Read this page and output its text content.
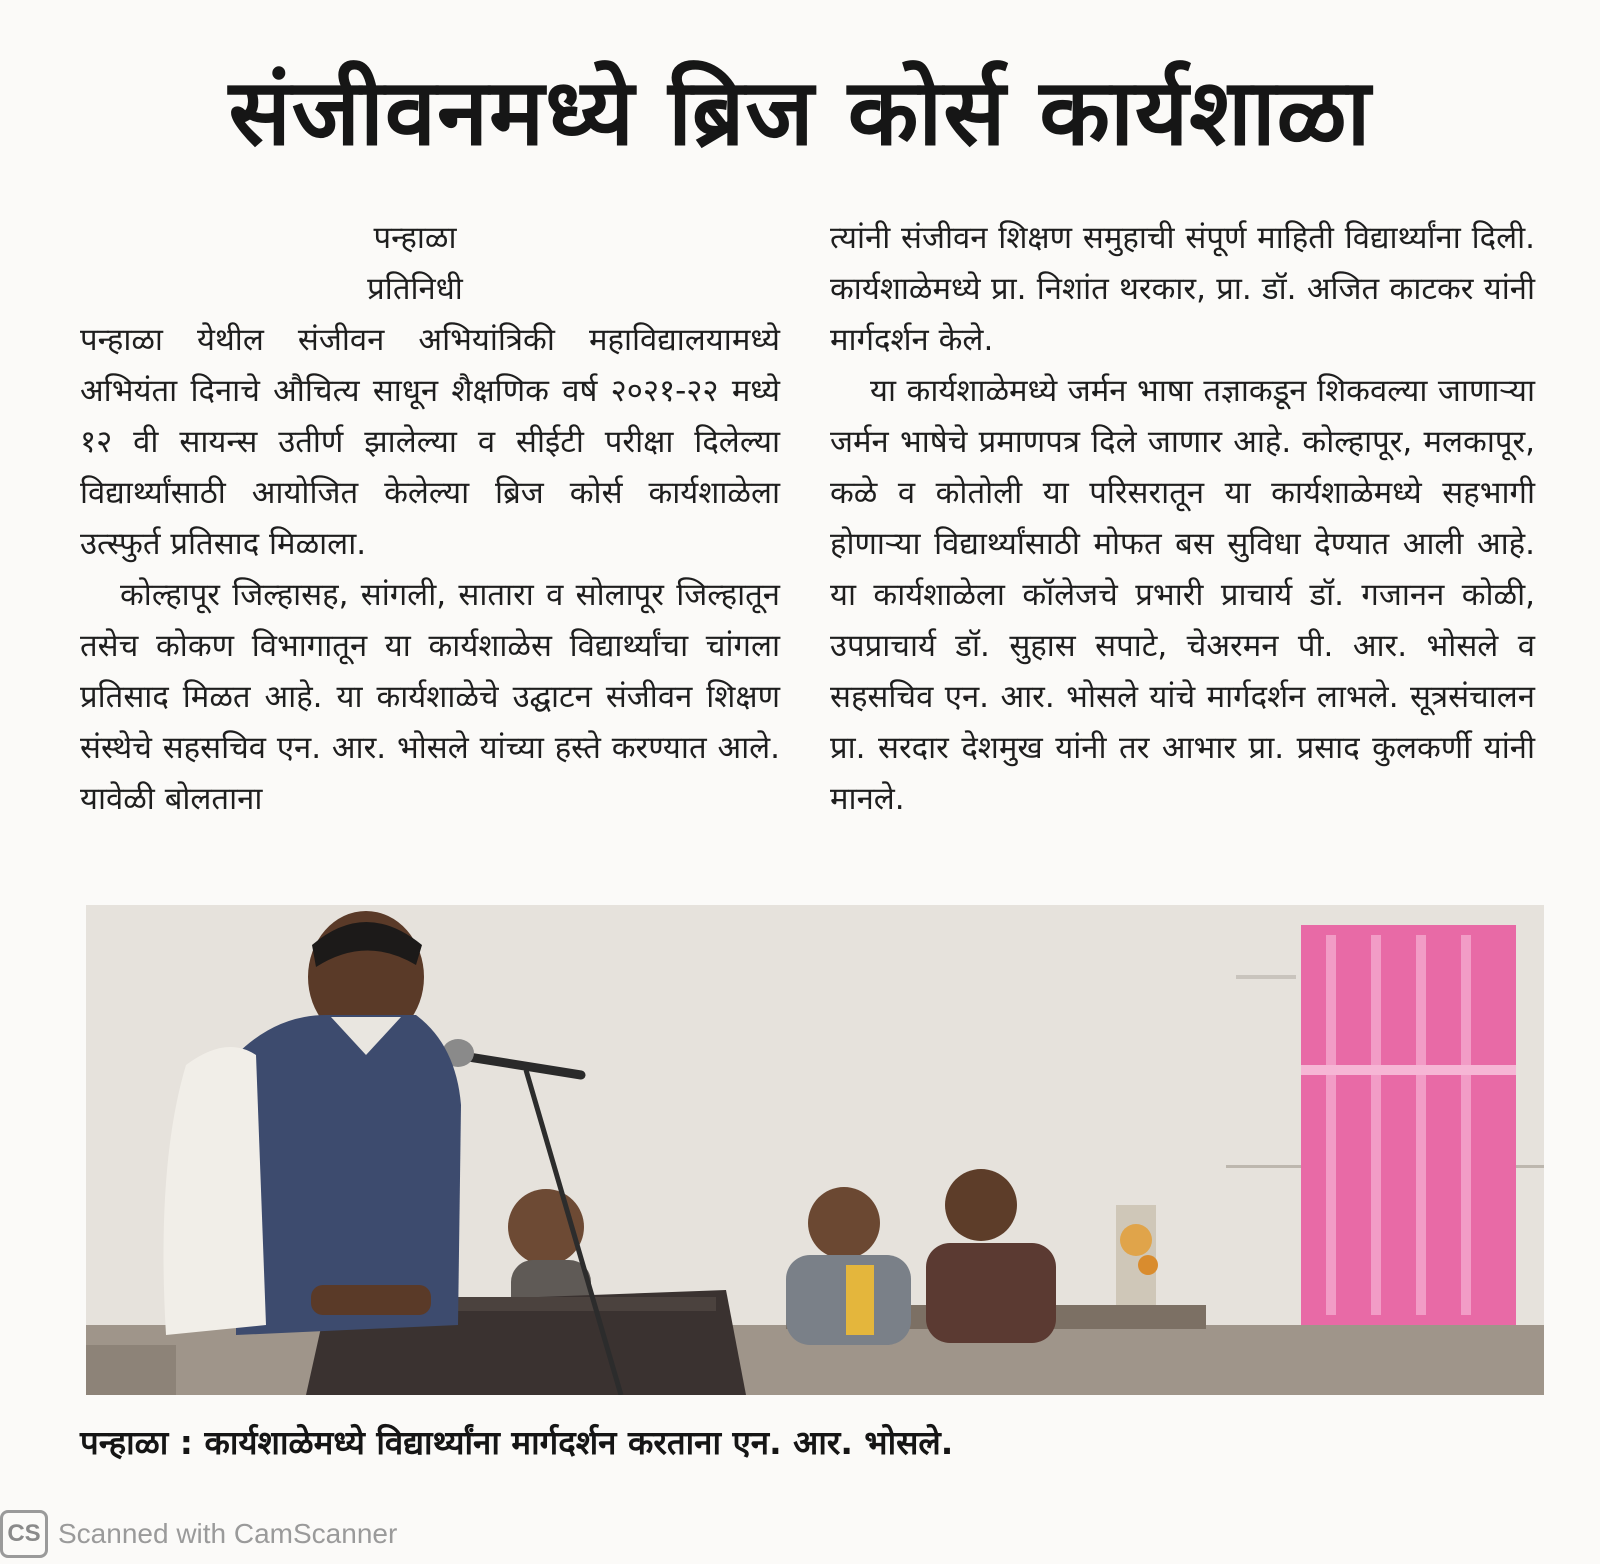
संजीवनमध्ये ब्रिज कोर्स कार्यशाळा
पन्हाळा
प्रतिनिधी

पन्हाळा येथील संजीवन अभियांत्रिकी महाविद्यालयामध्ये अभियंता दिनाचे औचित्य साधून शैक्षणिक वर्ष २०२१-२२ मध्ये १२ वी सायन्स उतीर्ण झालेल्या व सीईटी परीक्षा दिलेल्या विद्यार्थ्यांसाठी आयोजित केलेल्या ब्रिज कोर्स कार्यशाळेला उत्स्फुर्त प्रतिसाद मिळाला.

कोल्हापूर जिल्हासह, सांगली, सातारा व सोलापूर जिल्हातून तसेच कोकण विभागातून या कार्यशाळेस विद्यार्थ्यांचा चांगला प्रतिसाद मिळत आहे. या कार्यशाळेचे उद्घाटन संजीवन शिक्षण संस्थेचे सहसचिव एन. आर. भोसले यांच्या हस्ते करण्यात आले. यावेळी बोलताना

त्यांनी संजीवन शिक्षण समुहाची संपूर्ण माहिती विद्यार्थ्यांना दिली. कार्यशाळेमध्ये प्रा. निशांत थरकार, प्रा. डॉ. अजित काटकर यांनी मार्गदर्शन केले.

या कार्यशाळेमध्ये जर्मन भाषा तज्ञाकडून शिकवल्या जाणाऱ्या जर्मन भाषेचे प्रमाणपत्र दिले जाणार आहे. कोल्हापूर, मलकापूर, कळे व कोतोली या परिसरातून या कार्यशाळेमध्ये सहभागी होणाऱ्या विद्यार्थ्यांसाठी मोफत बस सुविधा देण्यात आली आहे. या कार्यशाळेला कॉलेजचे प्रभारी प्राचार्य डॉ. गजानन कोळी, उपप्राचार्य डॉ. सुहास सपाटे, चेअरमन पी. आर. भोसले व सहसचिव एन. आर. भोसले यांचे मार्गदर्शन लाभले. सूत्रसंचालन प्रा. सरदार देशमुख यांनी तर आभार प्रा. प्रसाद कुलकर्णी यांनी मानले.

पन्हाळा : कार्यशाळेमध्ये विद्यार्थ्यांना मार्गदर्शन करताना एन. आर. भोसले.
CS Scanned with CamScanner
